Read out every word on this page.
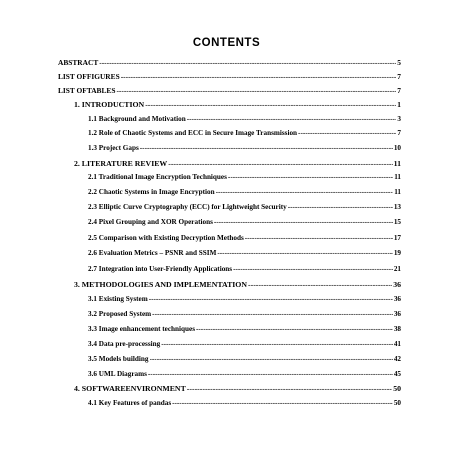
CONTENTS
ABSTRACT -----	5
LIST OFFIGURES -----	7
LIST OFTABLES -----	7
1. INTRODUCTION -----	1
1.1 Background and Motivation -----	3
1.2 Role of Chaotic Systems and ECC in Secure Image Transmission -----	7
1.3 Project Gaps -----	10
2. LITERATURE REVIEW -----	11
2.1 Traditional Image Encryption Techniques -----	11
2.2 Chaotic Systems in Image Encryption -----	11
2.3 Elliptic Curve Cryptography (ECC) for Lightweight Security -----	13
2.4 Pixel Grouping and XOR Operations -----	15
2.5 Comparison with Existing Decryption Methods -----	17
2.6 Evaluation Metrics – PSNR and SSIM -----	19
2.7 Integration into User-Friendly Applications -----	21
3. METHODOLOGIES AND IMPLEMENTATION -----	36
3.1 Existing System -----	36
3.2 Proposed System -----	36
3.3 Image enhancement techniques -----	38
3.4 Data pre-processing -----	41
3.5 Models building -----	42
3.6 UML Diagrams -----	45
4. SOFTWAREENVIRONMENT -----	50
4.1 Key Features of pandas -----	50
